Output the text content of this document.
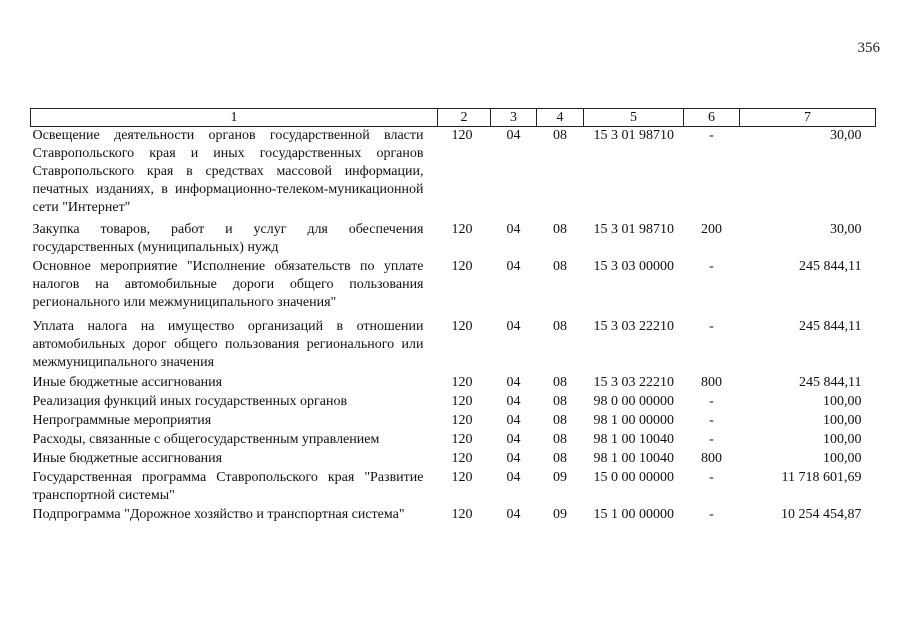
356
1	2	3	4	5	6	7
Освещение деятельности органов государственной власти Ставропольского края и иных государственных органов Ставропольского края в средствах массовой информации, печатных изданиях, в информационно-телеком-муникационной сети "Интернет"	120	04	08	15 3 01 98710	-	30,00
Закупка товаров, работ и услуг для обеспечения государственных (муниципальных) нужд	120	04	08	15 3 01 98710	200	30,00
Основное мероприятие "Исполнение обязательств по уплате налогов на автомобильные дороги общего пользования регионального или межмуниципального значения"	120	04	08	15 3 03 00000	-	245 844,11
Уплата налога на имущество организаций в отношении автомобильных дорог общего пользования регионального или межмуниципального значения	120	04	08	15 3 03 22210	-	245 844,11
Иные бюджетные ассигнования	120	04	08	15 3 03 22210	800	245 844,11
Реализация функций иных государственных органов	120	04	08	98 0 00 00000	-	100,00
Непрограммные мероприятия	120	04	08	98 1 00 00000	-	100,00
Расходы, связанные с общегосударственным управлением	120	04	08	98 1 00 10040	-	100,00
Иные бюджетные ассигнования	120	04	08	98 1 00 10040	800	100,00
Государственная программа Ставропольского края "Развитие транспортной системы"	120	04	09	15 0 00 00000	-	11 718 601,69
Подпрограмма "Дорожное хозяйство и транспортная система"	120	04	09	15 1 00 00000	-	10 254 454,87
